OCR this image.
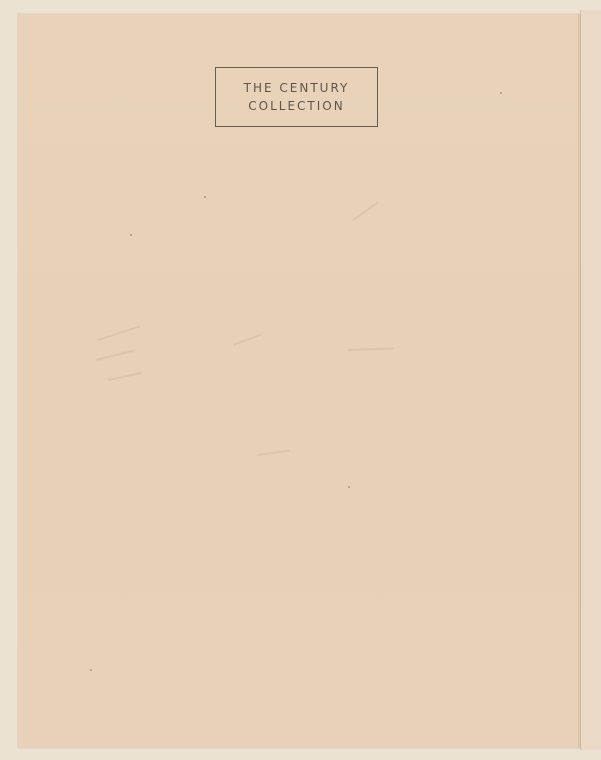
THE CENTURY
COLLECTION
